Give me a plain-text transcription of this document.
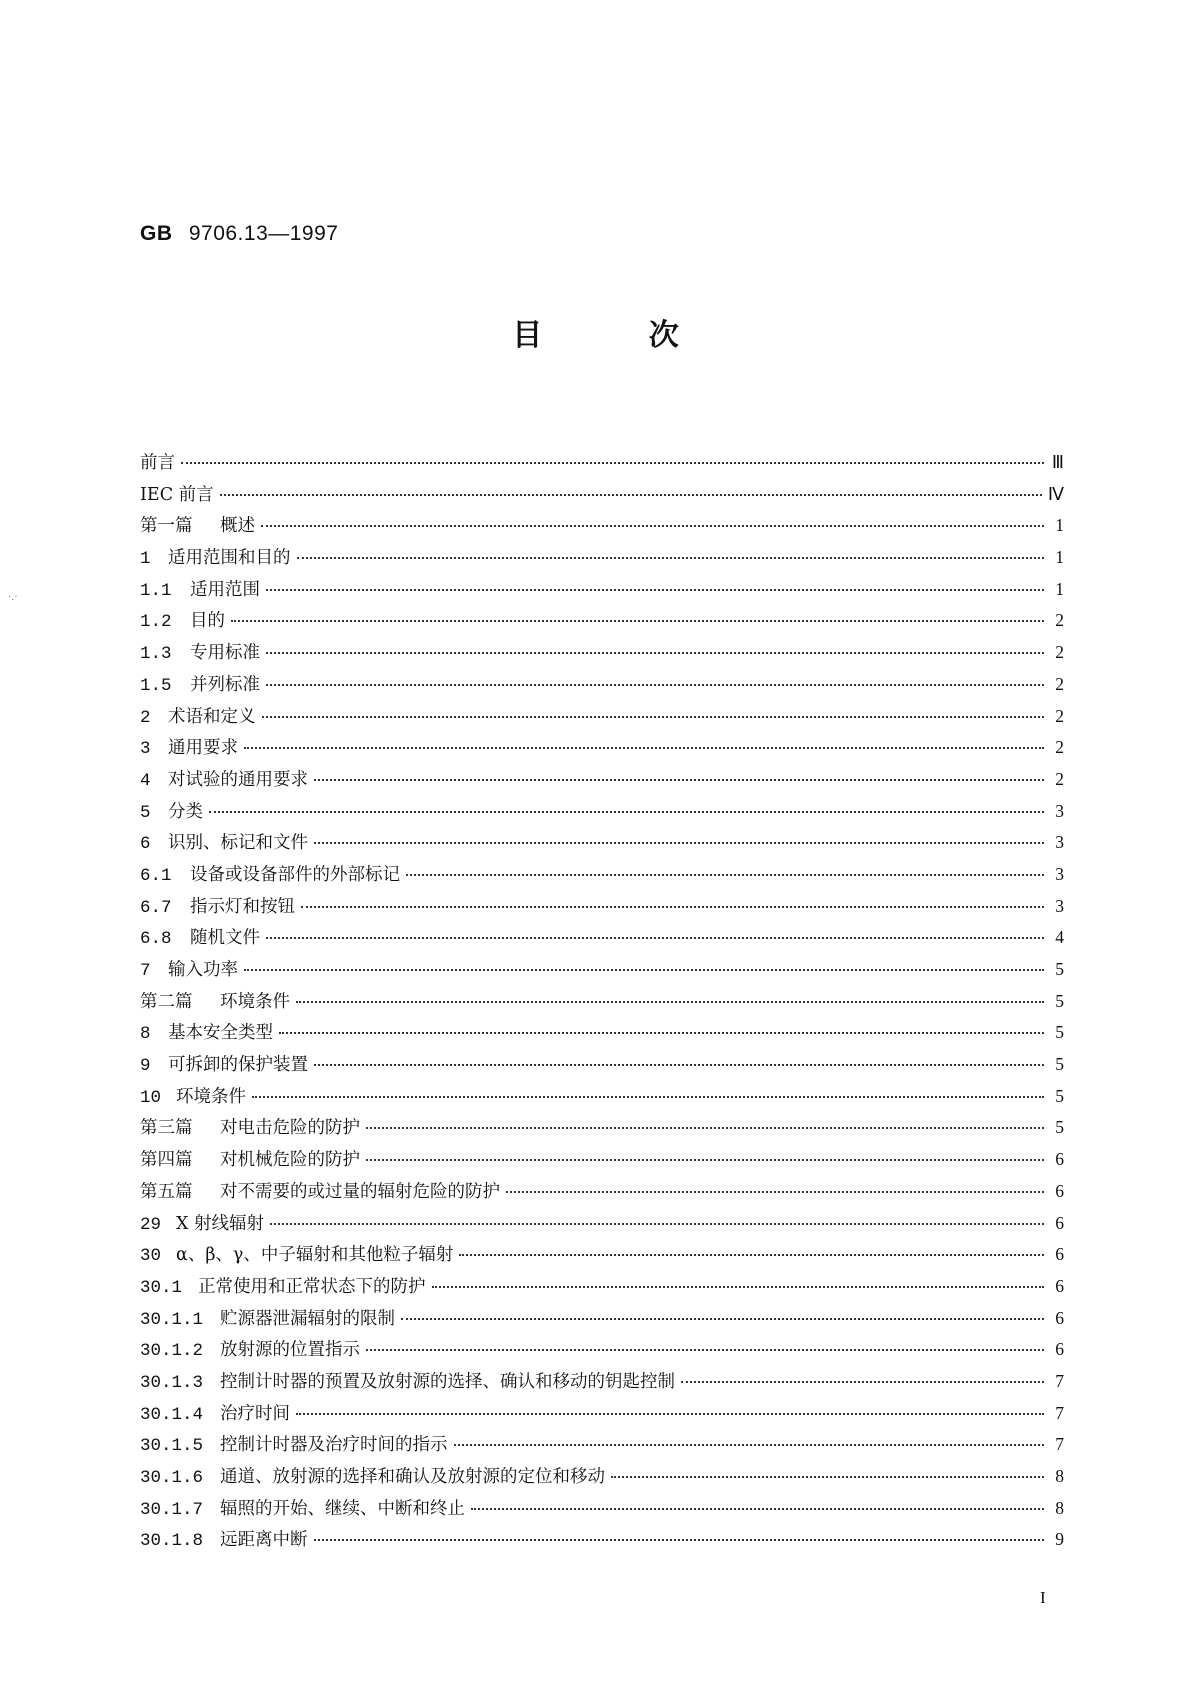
GB 9706.13—1997
目	次
前言	Ⅲ
IEC 前言	Ⅳ
第一篇	概述	1
1 适用范围和目的	1
1.1	适用范围	1
1.2	目的	2
1.3	专用标准	2
1.5	并列标准	2
2 术语和定义	2
3 通用要求	2
4 对试验的通用要求	2
5 分类	3
6 识别、标记和文件	3
6.1	设备或设备部件的外部标记	3
6.7	指示灯和按钮	3
6.8	随机文件	4
7 输入功率	5
第二篇	环境条件	5
8 基本安全类型	5
9 可拆卸的保护装置	5
10 环境条件	5
第三篇	对电击危险的防护	5
第四篇	对机械危险的防护	6
第五篇	对不需要的或过量的辐射危险的防护	6
29 X 射线辐射	6
30 α、β、γ、中子辐射和其他粒子辐射	6
30.1 正常使用和正常状态下的防护	6
30.1.1 贮源器泄漏辐射的限制	6
30.1.2 放射源的位置指示	6
30.1.3 控制计时器的预置及放射源的选择、确认和移动的钥匙控制	7
30.1.4 治疗时间	7
30.1.5 控制计时器及治疗时间的指示	7
30.1.6 通道、放射源的选择和确认及放射源的定位和移动	8
30.1.7 辐照的开始、继续、中断和终止	8
30.1.8 远距离中断	9
I
·.·
